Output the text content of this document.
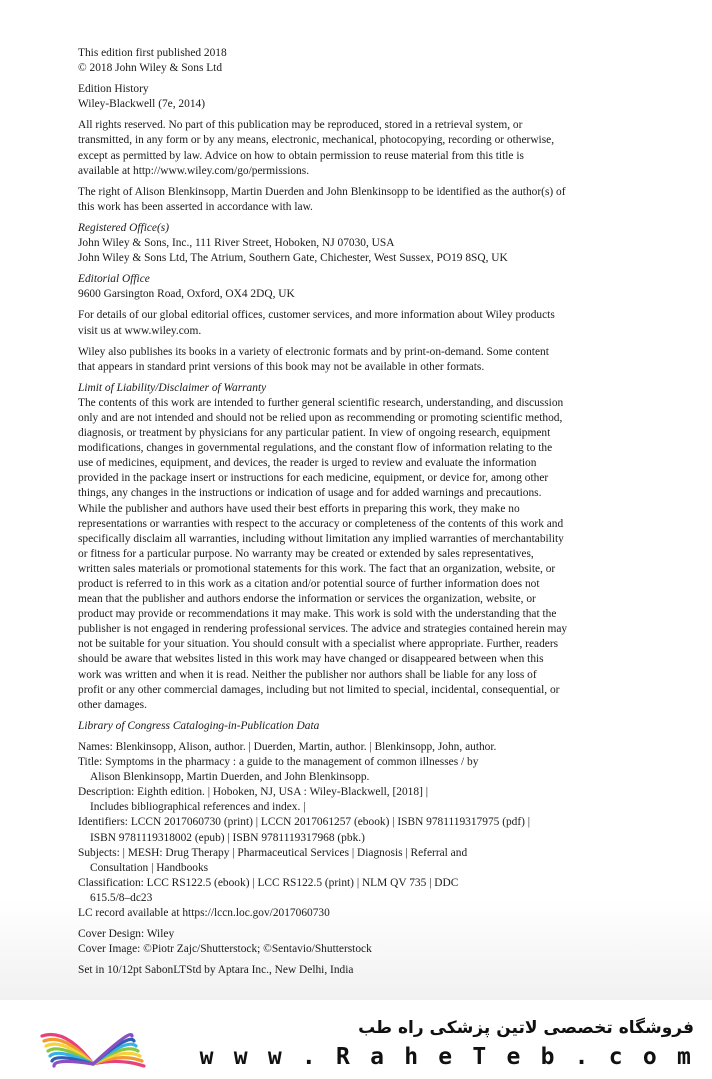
This edition first published 2018
© 2018 John Wiley & Sons Ltd

Edition History
Wiley-Blackwell (7e, 2014)

All rights reserved. No part of this publication may be reproduced, stored in a retrieval system, or
transmitted, in any form or by any means, electronic, mechanical, photocopying, recording or otherwise,
except as permitted by law. Advice on how to obtain permission to reuse material from this title is
available at http://www.wiley.com/go/permissions.

The right of Alison Blenkinsopp, Martin Duerden and John Blenkinsopp to be identified as the author(s) of
this work has been asserted in accordance with law.

Registered Office(s)
John Wiley & Sons, Inc., 111 River Street, Hoboken, NJ 07030, USA
John Wiley & Sons Ltd, The Atrium, Southern Gate, Chichester, West Sussex, PO19 8SQ, UK

Editorial Office
9600 Garsington Road, Oxford, OX4 2DQ, UK

For details of our global editorial offices, customer services, and more information about Wiley products
visit us at www.wiley.com.

Wiley also publishes its books in a variety of electronic formats and by print-on-demand. Some content
that appears in standard print versions of this book may not be available in other formats.

Limit of Liability/Disclaimer of Warranty
The contents of this work are intended to further general scientific research, understanding, and discussion
only and are not intended and should not be relied upon as recommending or promoting scientific method,
diagnosis, or treatment by physicians for any particular patient. In view of ongoing research, equipment
modifications, changes in governmental regulations, and the constant flow of information relating to the
use of medicines, equipment, and devices, the reader is urged to review and evaluate the information
provided in the package insert or instructions for each medicine, equipment, or device for, among other
things, any changes in the instructions or indication of usage and for added warnings and precautions.
While the publisher and authors have used their best efforts in preparing this work, they make no
representations or warranties with respect to the accuracy or completeness of the contents of this work and
specifically disclaim all warranties, including without limitation any implied warranties of merchantability
or fitness for a particular purpose. No warranty may be created or extended by sales representatives,
written sales materials or promotional statements for this work. The fact that an organization, website, or
product is referred to in this work as a citation and/or potential source of further information does not
mean that the publisher and authors endorse the information or services the organization, website, or
product may provide or recommendations it may make. This work is sold with the understanding that the
publisher is not engaged in rendering professional services. The advice and strategies contained herein may
not be suitable for your situation. You should consult with a specialist where appropriate. Further, readers
should be aware that websites listed in this work may have changed or disappeared between when this
work was written and when it is read. Neither the publisher nor authors shall be liable for any loss of
profit or any other commercial damages, including but not limited to special, incidental, consequential, or
other damages.

Library of Congress Cataloging-in-Publication Data

Names: Blenkinsopp, Alison, author. | Duerden, Martin, author. | Blenkinsopp, John, author.
Title: Symptoms in the pharmacy : a guide to the management of common illnesses / by
Alison Blenkinsopp, Martin Duerden, and John Blenkinsopp.
Description: Eighth edition. | Hoboken, NJ, USA : Wiley-Blackwell, [2018] |
Includes bibliographical references and index. |
Identifiers: LCCN 2017060730 (print) | LCCN 2017061257 (ebook) | ISBN 9781119317975 (pdf) |
ISBN 9781119318002 (epub) | ISBN 9781119317968 (pbk.)
Subjects: | MESH: Drug Therapy | Pharmaceutical Services | Diagnosis | Referral and
Consultation | Handbooks
Classification: LCC RS122.5 (ebook) | LCC RS122.5 (print) | NLM QV 735 | DDC
615.5/8–dc23
LC record available at https://lccn.loc.gov/2017060730

Cover Design: Wiley
Cover Image: ©Piotr Zajc/Shutterstock; ©Sentavio/Shutterstock

Set in 10/12pt SabonLTStd by Aptara Inc., New Delhi, India

فروشگاه تخصصی لاتین پزشکی راه طب
w w w . R a h e T e b . c o m
